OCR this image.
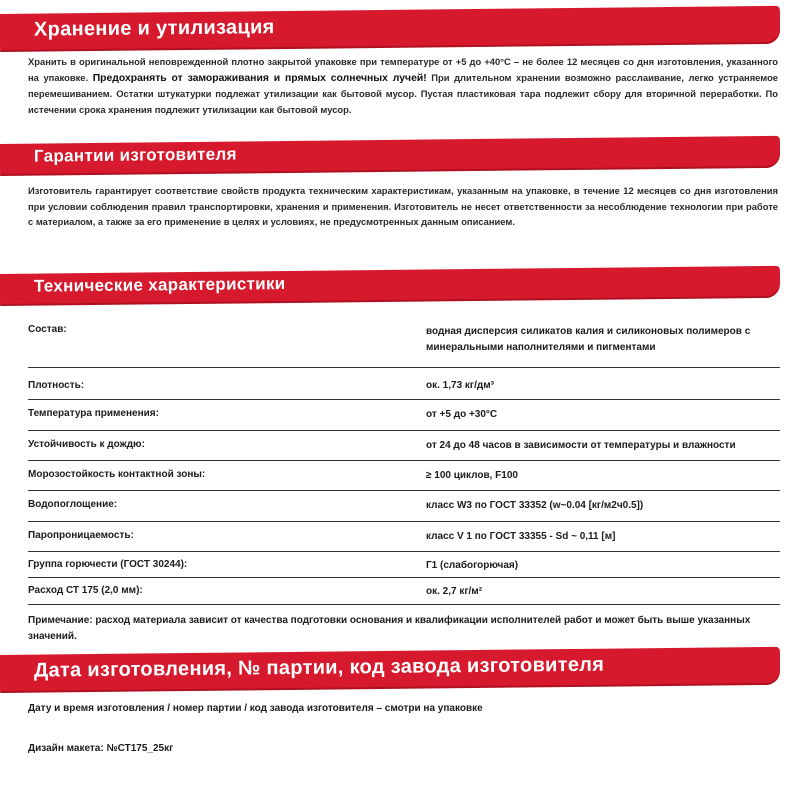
Хранение и утилизация
Хранить в оригинальной неповрежденной плотно закрытой упаковке при температуре от +5 до +40°С – не более 12 месяцев со дня изготовления, указанного на упаковке. Предохранять от замораживания и прямых солнечных лучей! При длительном хранении возможно расслаивание, легко устраняемое перемешиванием. Остатки штукатурки подлежат утилизации как бытовой мусор. Пустая пластиковая тара подлежит сбору для вторичной переработки. По истечении срока хранения подлежит утилизации как бытовой мусор.
Гарантии изготовителя
Изготовитель гарантирует соответствие свойств продукта техническим характеристикам, указанным на упаковке, в течение 12 месяцев со дня изготовления при условии соблюдения правил транспортировки, хранения и применения. Изготовитель не несет ответственности за несоблюдение технологии при работе с материалом, а также за его применение в целях и условиях, не предусмотренных данным описанием.
Технические характеристики
Состав:	водная дисперсия силикатов калия и силиконовых полимеров с минеральными наполнителями и пигментами
Плотность:	ок. 1,73 кг/дм³
Температура применения:	от +5 до +30°С
Устойчивость к дождю:	от 24 до 48 часов в зависимости от температуры и влажности
Морозостойкость контактной зоны:	≥ 100 циклов, F100
Водопоглощение:	класс W3 по ГОСТ 33352 (w~0.04 [кг/м2ч0.5])
Паропроницаемость:	класс V 1 по ГОСТ 33355 - Sd ~ 0,11 [м]
Группа горючести (ГОСТ 30244):	Г1 (слабогорючая)
Расход СТ 175 (2,0 мм):	ок. 2,7 кг/м²
Примечание: расход материала зависит от качества подготовки основания и квалификации исполнителей работ и может быть выше указанных значений.
Дата изготовления, № партии, код завода изготовителя
Дату и время изготовления / номер партии / код завода изготовителя – смотри на упаковке
Дизайн макета: №СТ175_25кг
